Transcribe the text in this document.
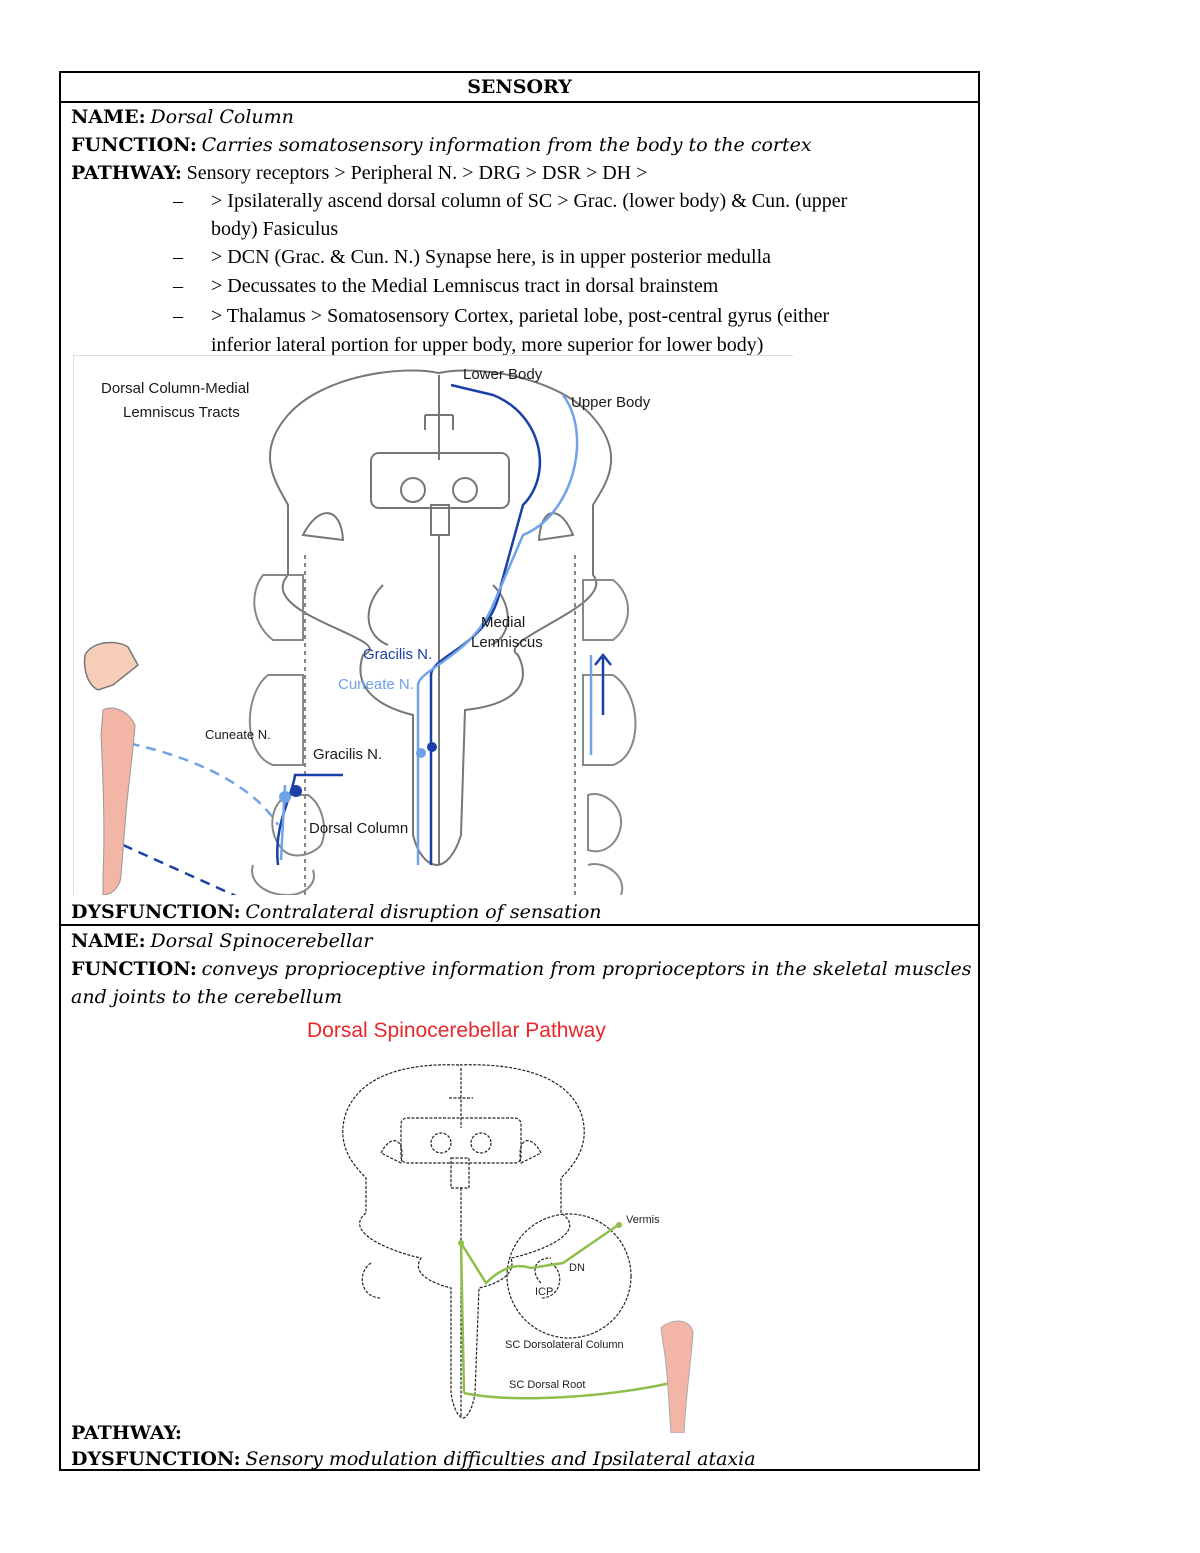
SENSORY
NAME: Dorsal Column
FUNCTION: Carries somatosensory information from the body to the cortex
PATHWAY: Sensory receptors > Peripheral N. > DRG > DSR > DH >
– > Ipsilaterally ascend dorsal column of SC > Grac. (lower body) & Cun. (upper
body) Fasiculus
– > DCN (Grac. & Cun. N.) Synapse here, is in upper posterior medulla
– > Decussates to the Medial Lemniscus tract in dorsal brainstem
– > Thalamus > Somatosensory Cortex, parietal lobe, post-central gyrus (either
inferior lateral portion for upper body, more superior for lower body)
Dorsal Column-Medial
Lemniscus Tracts
Lower Body
Upper Body
Medial
Lemniscus
Gracilis N.
Cuneate N.
Cuneate N.
Gracilis N.
Dorsal Column
DYSFUNCTION: Contralateral disruption of sensation
NAME: Dorsal Spinocerebellar
FUNCTION: conveys proprioceptive information from proprioceptors in the skeletal muscles
and joints to the cerebellum
Dorsal Spinocerebellar Pathway
Vermis
DN
ICP
SC Dorsolateral Column
SC Dorsal Root
PATHWAY:
DYSFUNCTION: Sensory modulation difficulties and Ipsilateral ataxia
